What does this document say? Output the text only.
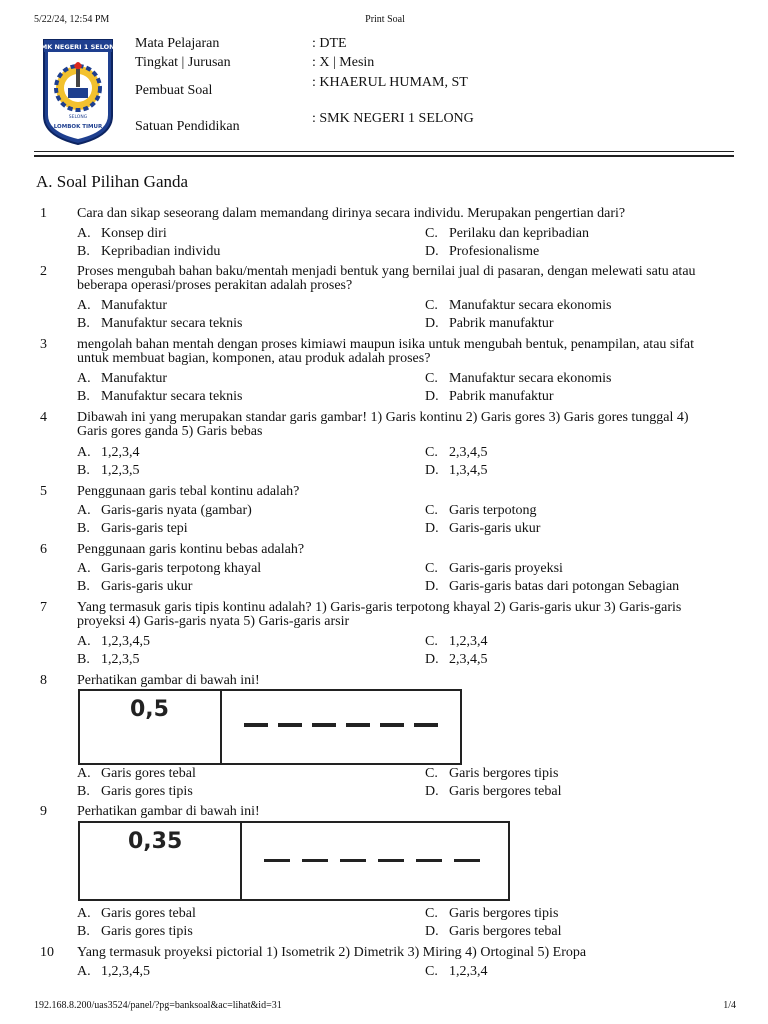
5/22/24, 12:54 PM	Print Soal
SMK NEGERI 1 SELONG
SELONG
LOMBOK TIMUR
Mata Pelajaran	: DTE
Tingkat | Jurusan	: X | Mesin
Pembuat Soal
: KHAERUL HUMAM, ST
Satuan Pendidikan
: SMK NEGERI 1 SELONG
A. Soal Pilihan Ganda
1 Cara dan sikap seseorang dalam memandang dirinya secara individu. Merupakan pengertian dari?
A. Konsep diri
B. Kepribadian individu
C. Perilaku dan kepribadian
D. Profesionalisme
2 Proses mengubah bahan baku/mentah menjadi bentuk yang bernilai jual di pasaran, dengan melewati satu atau beberapa operasi/proses perakitan adalah proses?
A. Manufaktur
B. Manufaktur secara teknis
C. Manufaktur secara ekonomis
D. Pabrik manufaktur
3 mengolah bahan mentah dengan proses kimiawi maupun isika untuk mengubah bentuk, penampilan, atau sifat untuk membuat bagian, komponen, atau produk adalah proses?
A. Manufaktur
B. Manufaktur secara teknis
C. Manufaktur secara ekonomis
D. Pabrik manufaktur
4 Dibawah ini yang merupakan standar garis gambar! 1) Garis kontinu 2) Garis gores 3) Garis gores tunggal 4) Garis gores ganda 5) Garis bebas
A. 1,2,3,4
B. 1,2,3,5
C. 2,3,4,5
D. 1,3,4,5
5 Penggunaan garis tebal kontinu adalah?
A. Garis-garis nyata (gambar)
B. Garis-garis tepi
C. Garis terpotong
D. Garis-garis ukur
6 Penggunaan garis kontinu bebas adalah?
A. Garis-garis terpotong khayal
B. Garis-garis ukur
C. Garis-garis proyeksi
D. Garis-garis batas dari potongan Sebagian
7 Yang termasuk garis tipis kontinu adalah? 1) Garis-garis terpotong khayal 2) Garis-garis ukur 3) Garis-garis proyeksi 4) Garis-garis nyata 5) Garis-garis arsir
A. 1,2,3,4,5
B. 1,2,3,5
C. 1,2,3,4
D. 2,3,4,5
8 Perhatikan gambar di bawah ini!
0,5
A. Garis gores tebal
B. Garis gores tipis
C. Garis bergores tipis
D. Garis bergores tebal
9 Perhatikan gambar di bawah ini!
0,35
A. Garis gores tebal
B. Garis gores tipis
C. Garis bergores tipis
D. Garis bergores tebal
10 Yang termasuk proyeksi pictorial 1) Isometrik 2) Dimetrik 3) Miring 4) Ortoginal 5) Eropa
A. 1,2,3,4,5	C. 1,2,3,4
192.168.8.200/uas3524/panel/?pg=banksoal&ac=lihat&id=31	1/4
